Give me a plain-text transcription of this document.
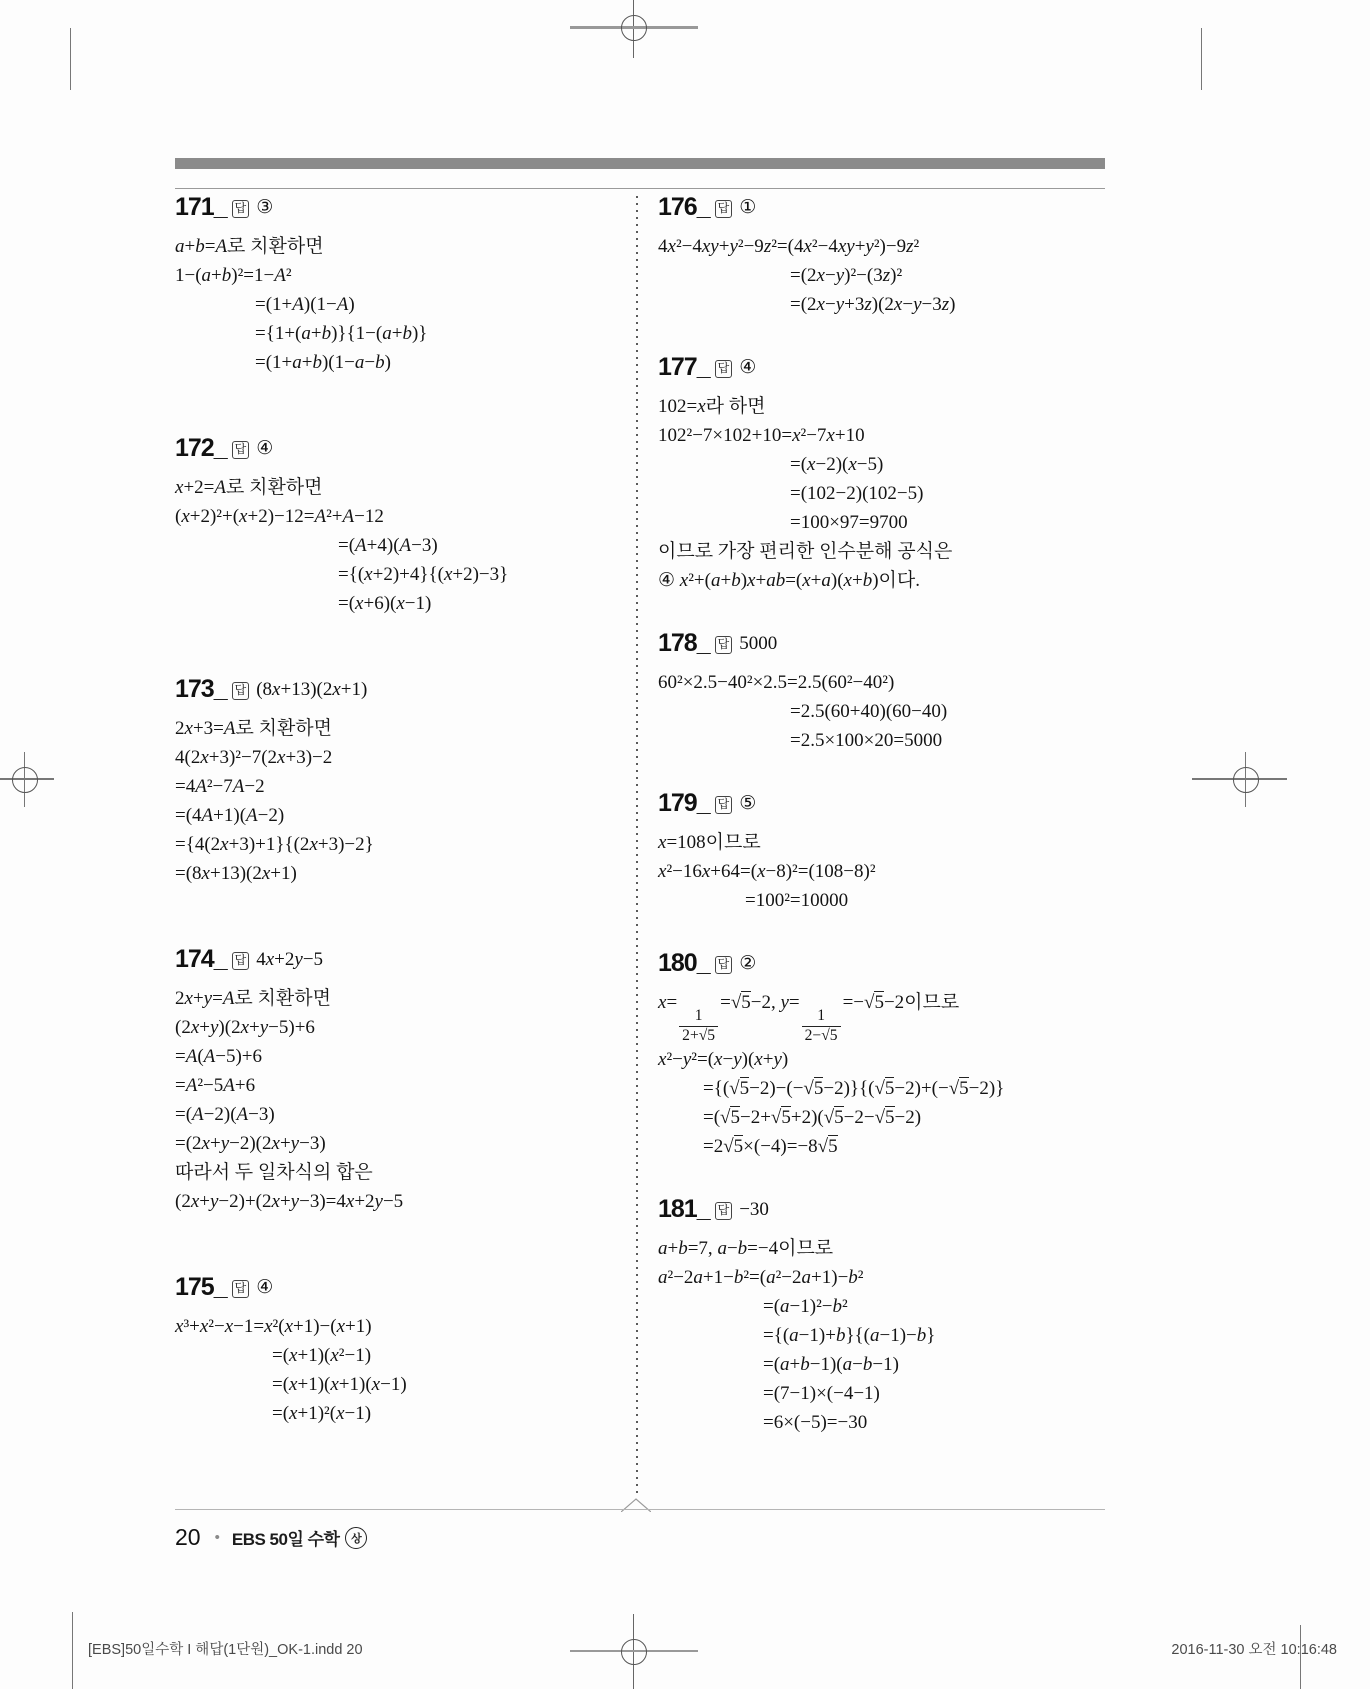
171_ 답 ③
a+b=A로 치환하면
1−(a+b)²=1−A²
=(1+A)(1−A)
={1+(a+b)}{1−(a+b)}
=(1+a+b)(1−a−b)
172_ 답 ④
x+2=A로 치환하면
(x+2)²+(x+2)−12=A²+A−12
=(A+4)(A−3)
={(x+2)+4}{(x+2)−3}
=(x+6)(x−1)
173_ 답 (8x+13)(2x+1)
2x+3=A로 치환하면
4(2x+3)²−7(2x+3)−2
=4A²−7A−2
=(4A+1)(A−2)
={4(2x+3)+1}{(2x+3)−2}
=(8x+13)(2x+1)
174_ 답 4x+2y−5
2x+y=A로 치환하면
(2x+y)(2x+y−5)+6
=A(A−5)+6
=A²−5A+6
=(A−2)(A−3)
=(2x+y−2)(2x+y−3)
따라서 두 일차식의 합은
(2x+y−2)+(2x+y−3)=4x+2y−5
175_ 답 ④
x³+x²−x−1=x²(x+1)−(x+1)
=(x+1)(x²−1)
=(x+1)(x+1)(x−1)
=(x+1)²(x−1)
176_ 답 ①
4x²−4xy+y²−9z²=(4x²−4xy+y²)−9z²
=(2x−y)²−(3z)²
=(2x−y+3z)(2x−y−3z)
177_ 답 ④
102=x라 하면
102²−7×102+10=x²−7x+10
=(x−2)(x−5)
=(102−2)(102−5)
=100×97=9700
이므로 가장 편리한 인수분해 공식은
④ x²+(a+b)x+ab=(x+a)(x+b)이다.
178_ 답 5000
60²×2.5−40²×2.5=2.5(60²−40²)
=2.5(60+40)(60−40)
=2.5×100×20=5000
179_ 답 ⑤
x=108이므로
x²−16x+64=(x−8)²=(108−8)²
=100²=10000
180_ 답 ②
x=
$\frac{1}{2+√5}$
=√5−2, y=
$\frac{1}{2-√5}$
=−√5−2이므로
x²−y²=(x−y)(x+y)
={(√5−2)−(−√5−2)}{(√5−2)+(−√5−2)}
=(√5−2+√5+2)(√5−2−√5−2)
=2√5×(−4)=−8√5
181_ 답 −30
a+b=7, a−b=−4이므로
a²−2a+1−b²=(a²−2a+1)−b²
=(a−1)²−b²
={(a−1)+b}{(a−1)−b}
=(a+b−1)(a−b−1)
=(7−1)×(−4−1)
=6×(−5)=−30
20 • EBS 50일 수학	상
[EBS]50일수학 I 해답(1단원)_OK-1.indd 20	2016-11-30 오전 10:16:48
